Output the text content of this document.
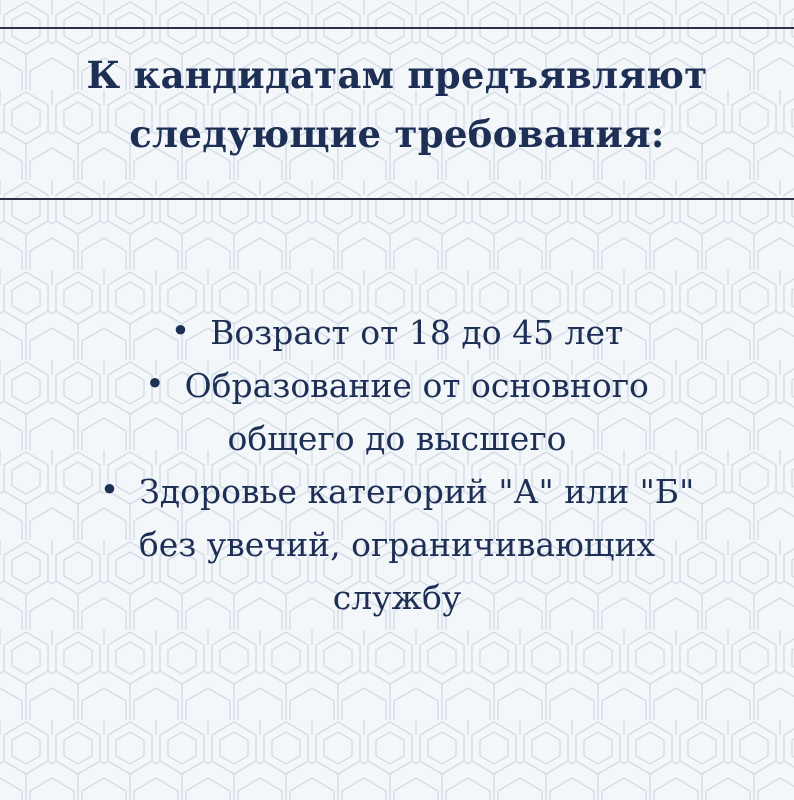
К кандидатам предъявляют
следующие требования:
• Возраст от 18 до 45 лет
• Образование от основного
общего до высшего
• Здоровье категорий "А" или "Б"
без увечий, ограничивающих
службу
